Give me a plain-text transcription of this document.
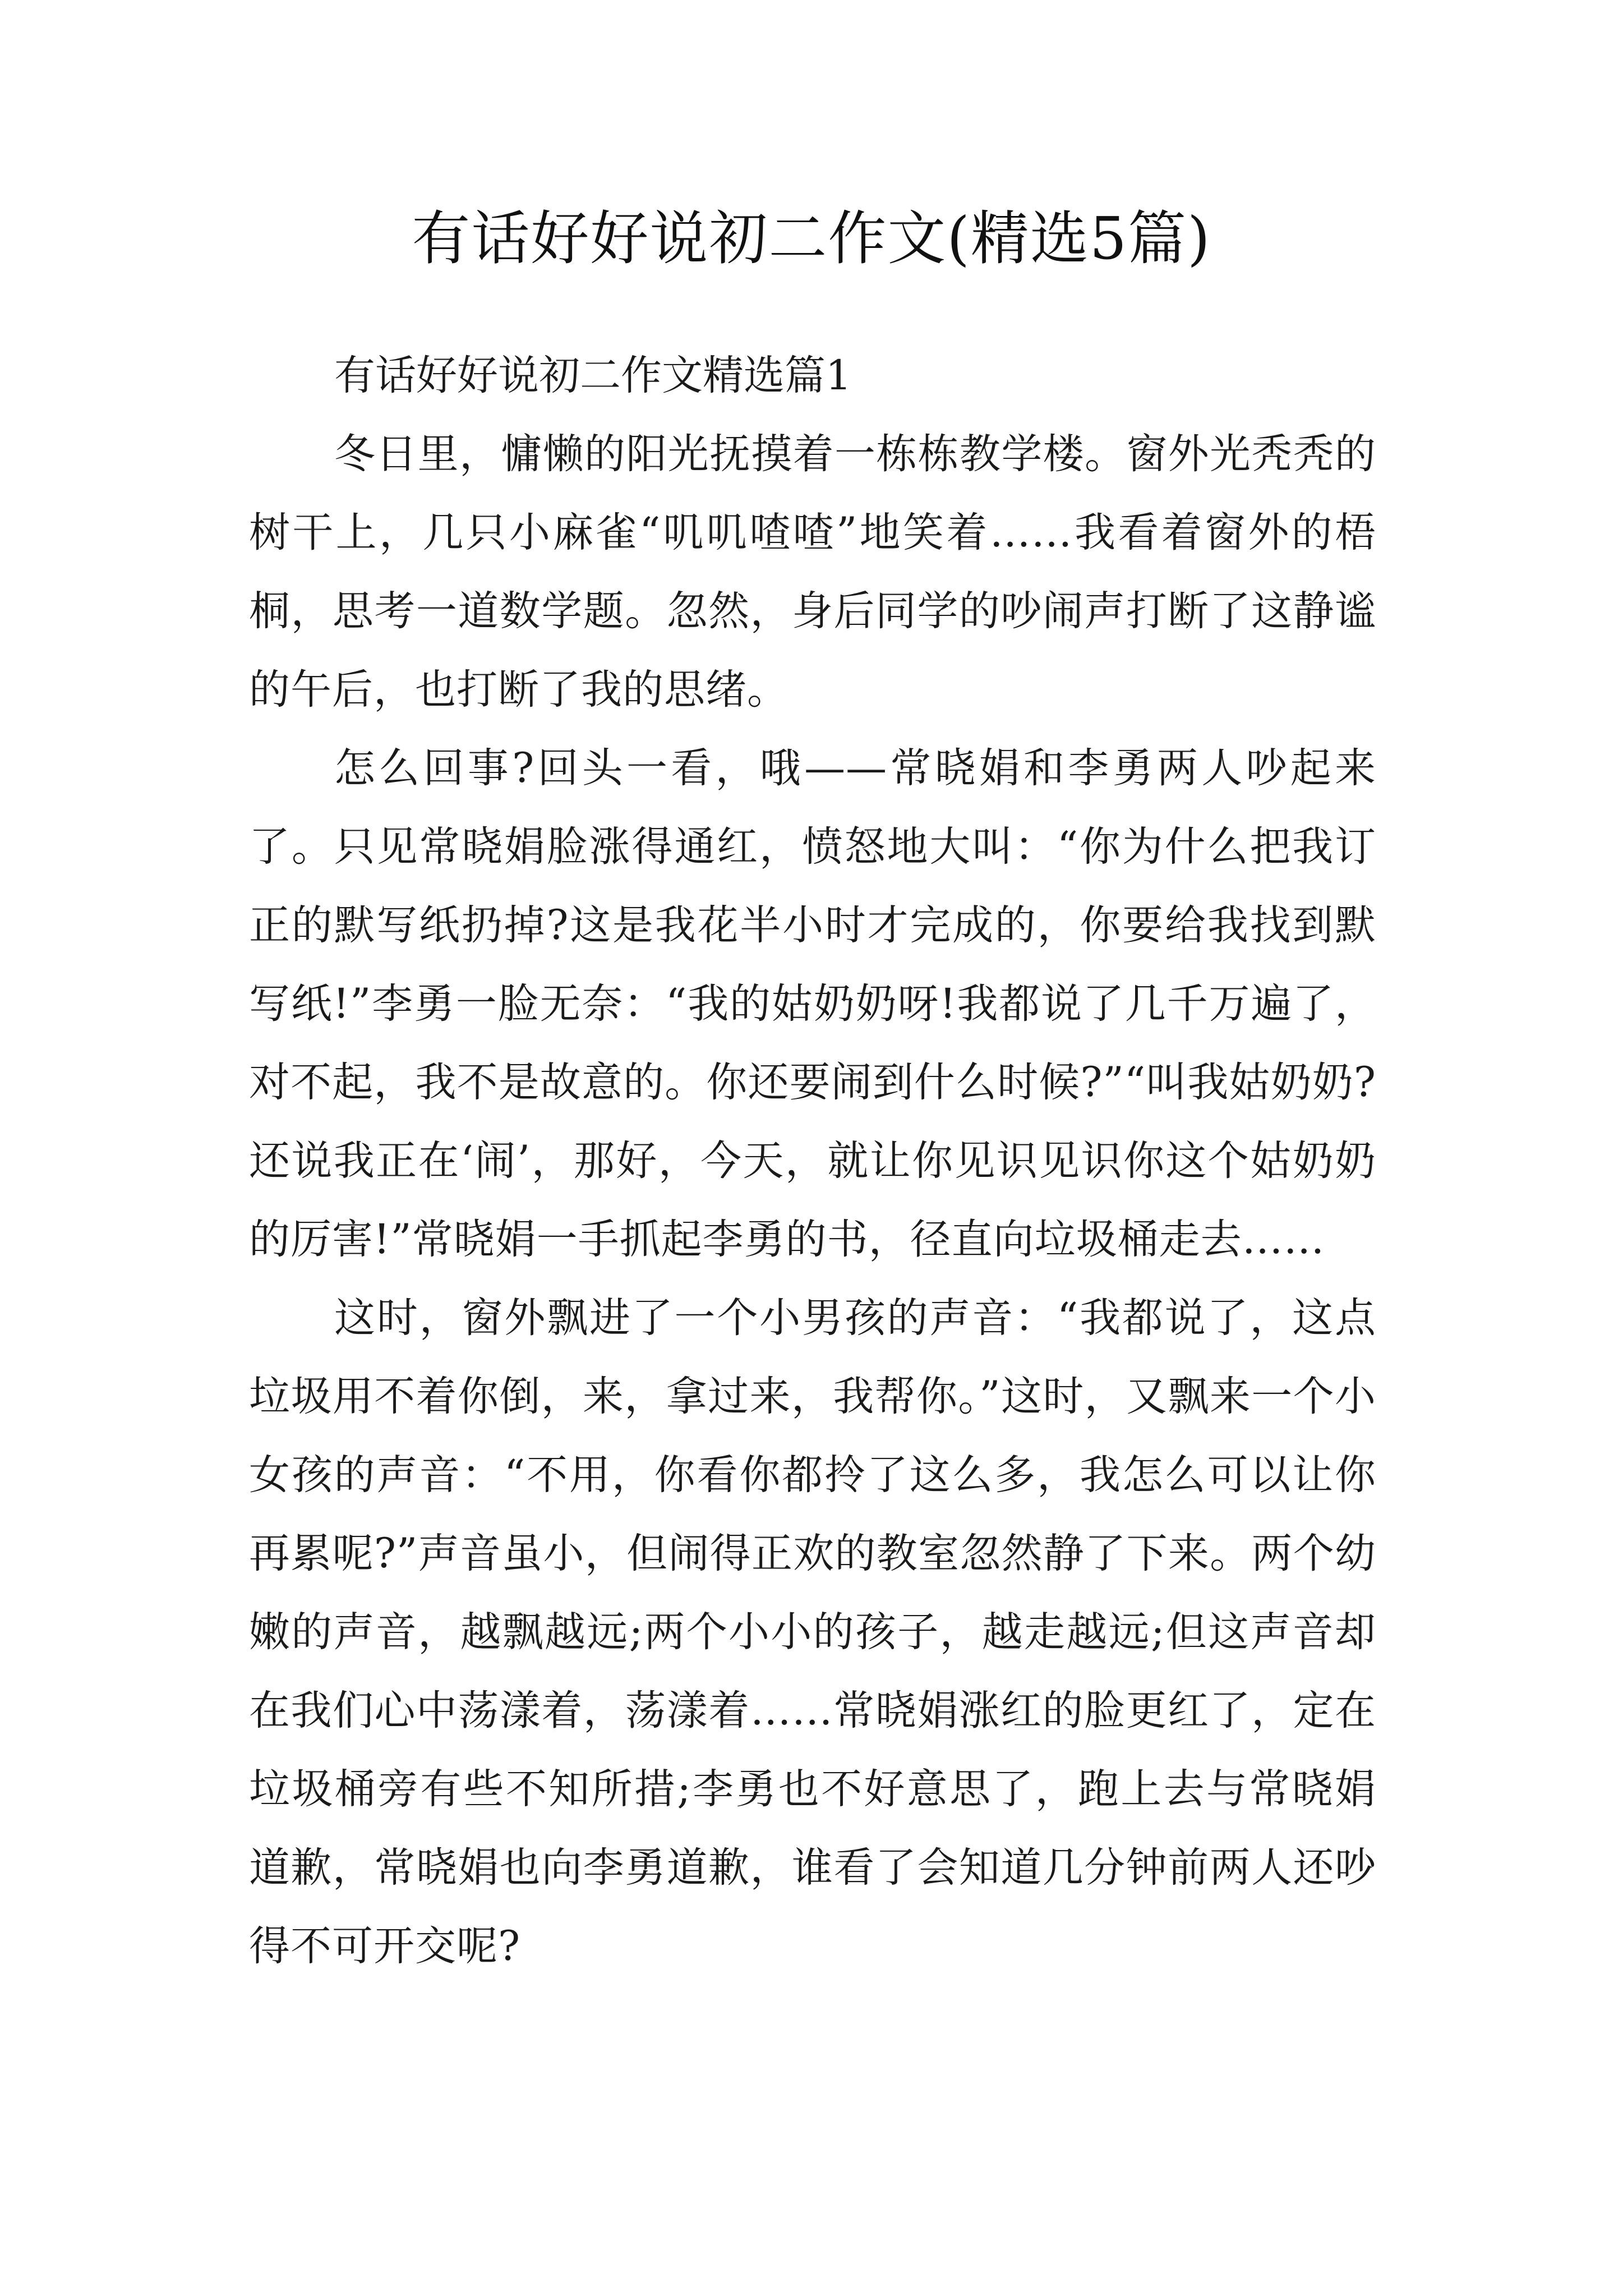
有话好好说初二作文(精选5篇)

有话好好说初二作文精选篇1

冬日里，慵懒的阳光抚摸着一栋栋教学楼。窗外光秃秃的树干上，几只小麻雀“叽叽喳喳”地笑着……我看着窗外的梧桐，思考一道数学题。忽然，身后同学的吵闹声打断了这静谧的午后，也打断了我的思绪。

怎么回事?回头一看，哦——常晓娟和李勇两人吵起来了。只见常晓娟脸涨得通红，愤怒地大叫：“你为什么把我订正的默写纸扔掉?这是我花半小时才完成的，你要给我找到默写纸!”李勇一脸无奈：“我的姑奶奶呀!我都说了几千万遍了，对不起，我不是故意的。你还要闹到什么时候?”“叫我姑奶奶?还说我正在‘闹’，那好，今天，就让你见识见识你这个姑奶奶的厉害!”常晓娟一手抓起李勇的书，径直向垃圾桶走去……

这时，窗外飘进了一个小男孩的声音：“我都说了，这点垃圾用不着你倒，来，拿过来，我帮你。”这时，又飘来一个小女孩的声音：“不用，你看你都拎了这么多，我怎么可以让你再累呢?”声音虽小，但闹得正欢的教室忽然静了下来。两个幼嫩的声音，越飘越远;两个小小的孩子，越走越远;但这声音却在我们心中荡漾着，荡漾着……常晓娟涨红的脸更红了，定在垃圾桶旁有些不知所措;李勇也不好意思了，跑上去与常晓娟道歉，常晓娟也向李勇道歉，谁看了会知道几分钟前两人还吵得不可开交呢?
